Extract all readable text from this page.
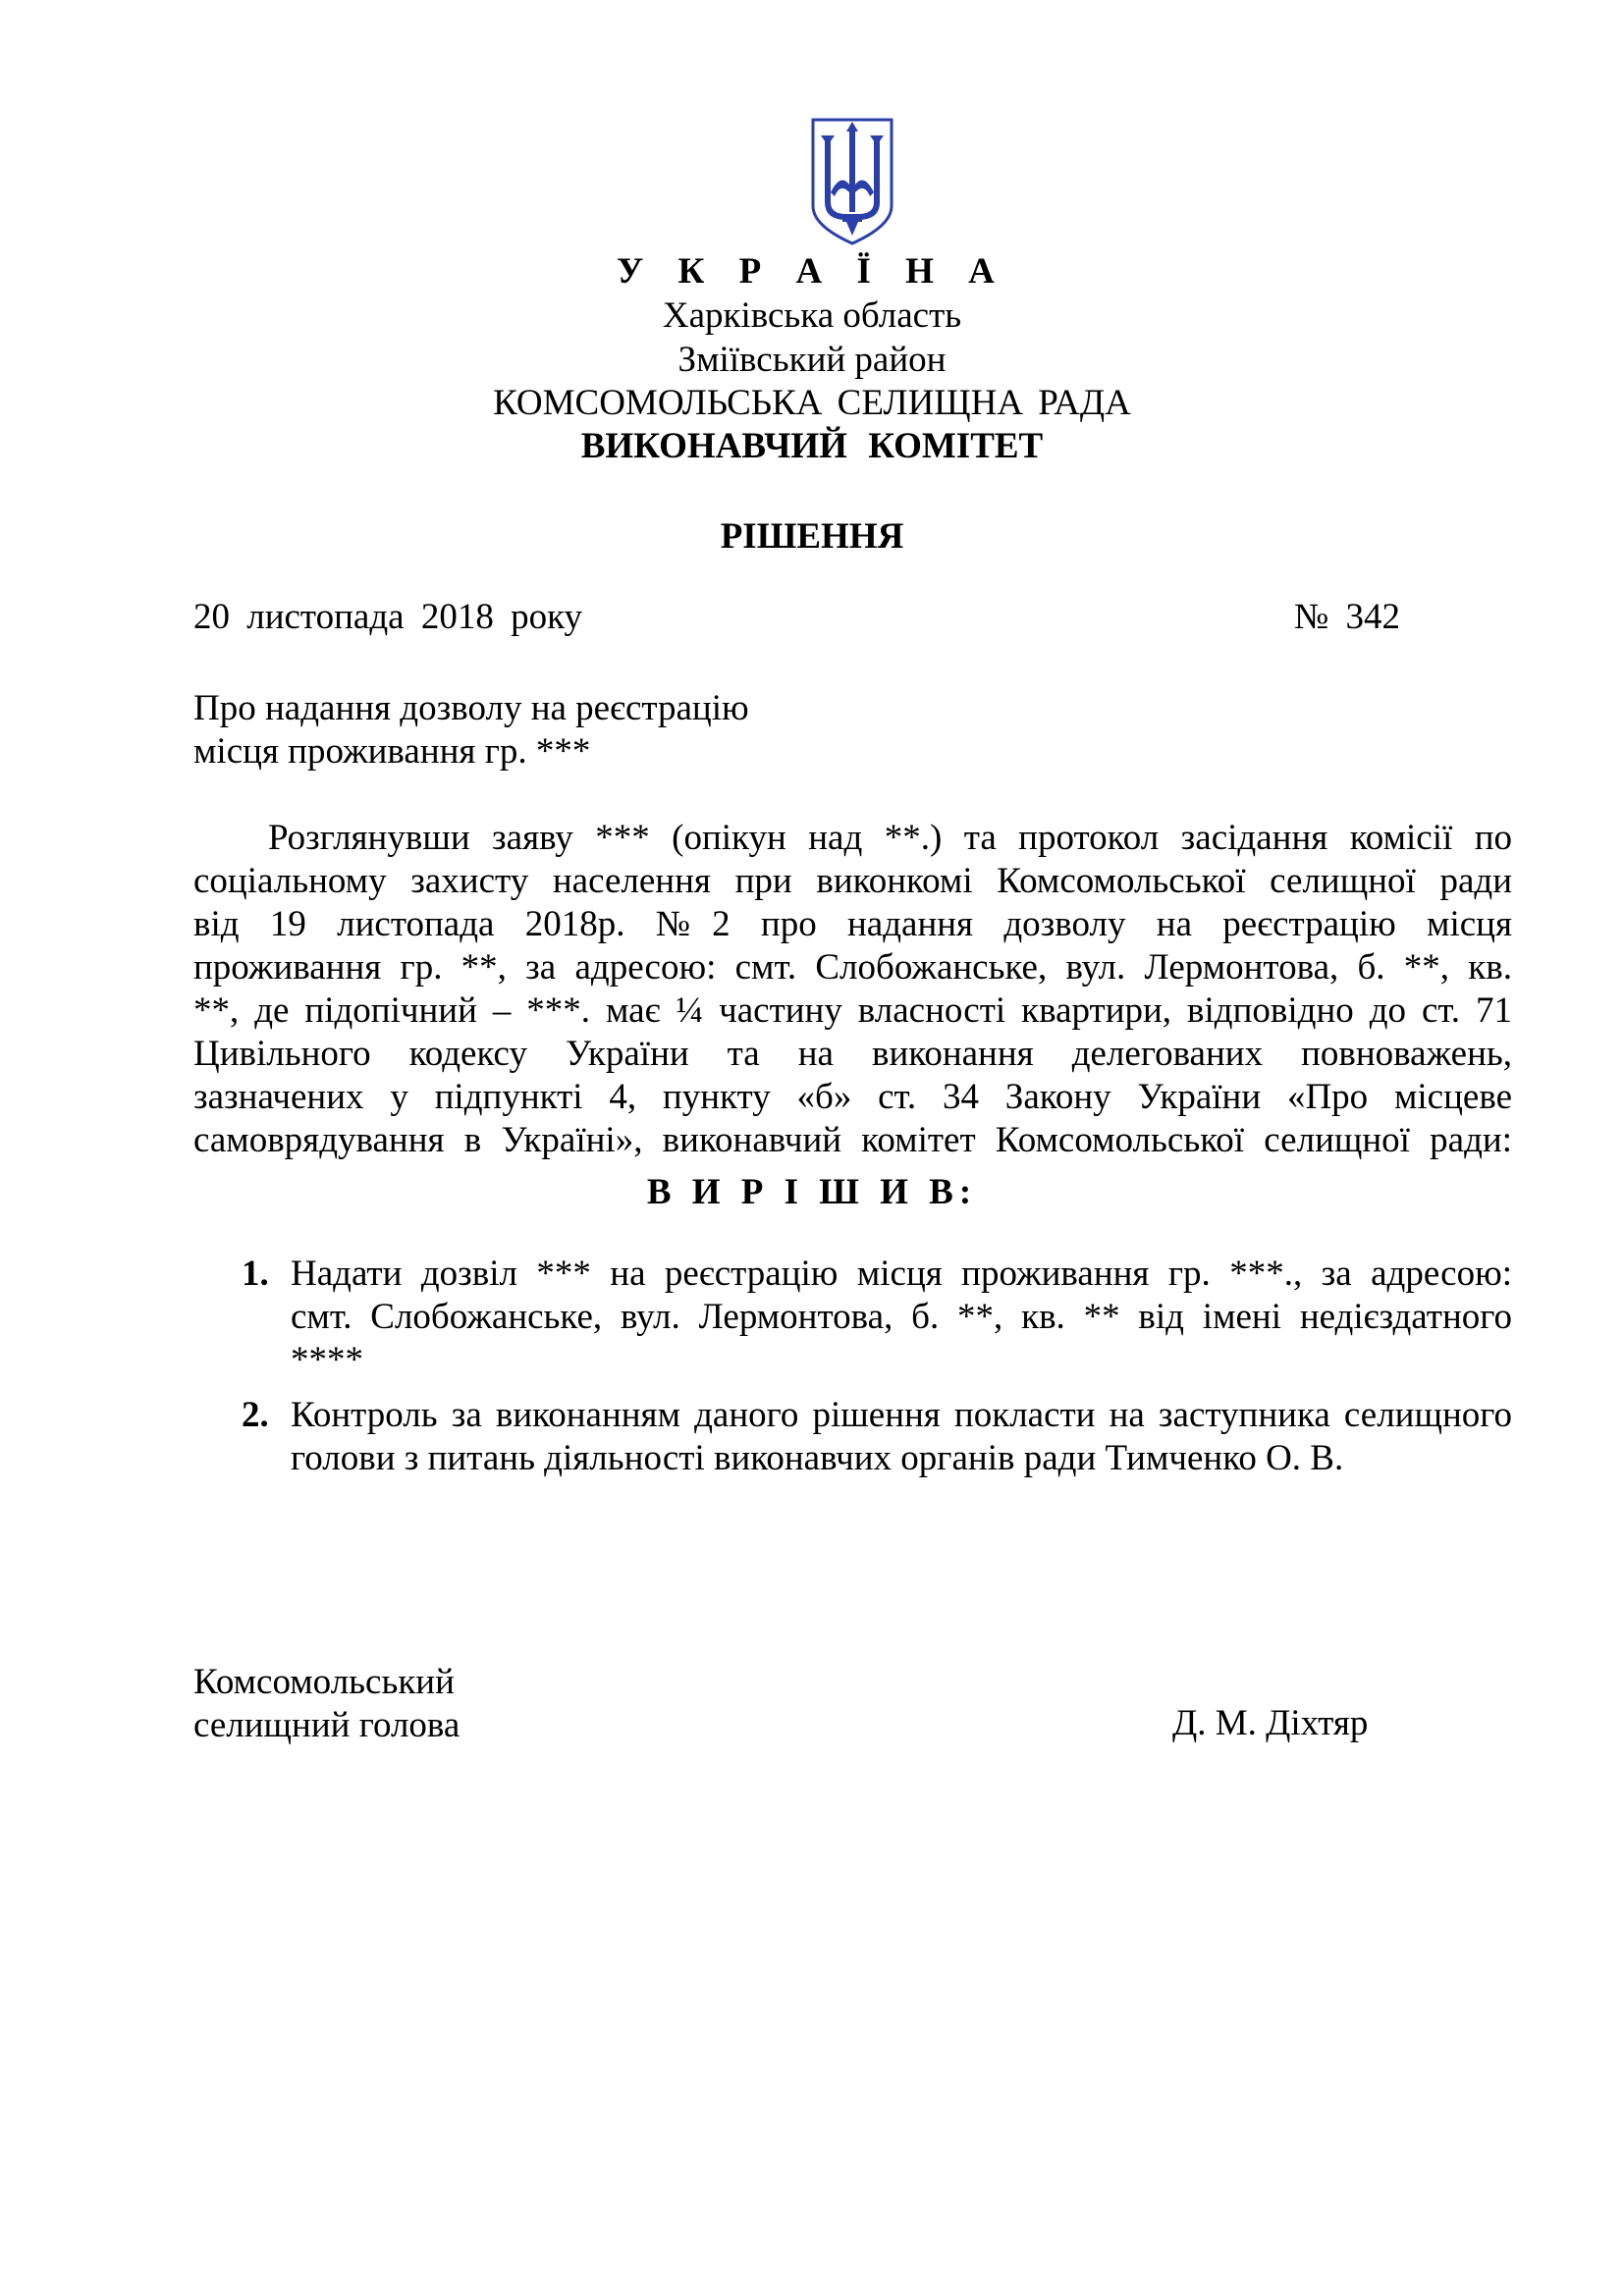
У К Р А Ї Н А
Харківська область
Зміївський район
КОМСОМОЛЬСЬКА СЕЛИЩНА РАДА
ВИКОНАВЧИЙ КОМІТЕТ
РІШЕННЯ
20 листопада 2018 року	№ 342
Про надання дозволу на реєстрацію
місця проживання гр. ***
Розглянувши заяву *** (опікун над **.) та протокол засідання комісії по
соціальному захисту населення при виконкомі Комсомольської селищної ради
від 19 листопада 2018р. №2 про надання дозволу на реєстрацію місця
проживання гр. **, за адресою: смт. Слобожанське, вул. Лермонтова, б. **, кв.
**, де підопічний – ***. має ¼ частину власності квартири, відповідно до ст. 71
Цивільного кодексу України та на виконання делегованих повноважень,
зазначених у підпункті 4, пункту «б» ст. 34 Закону України «Про місцеве
самоврядування в Україні», виконавчий комітет Комсомольської селищної ради:
В И Р І Ш И В:
1. Надати дозвіл *** на реєстрацію місця проживання гр. ***., за адресою:
смт. Слобожанське, вул. Лермонтова, б. **, кв. ** від імені недієздатного
****
2. Контроль за виконанням даного рішення покласти на заступника селищного
голови з питань діяльності виконавчих органів ради Тимченко О. В.
Комсомольський
селищний голова	Д. М. Діхтяр
